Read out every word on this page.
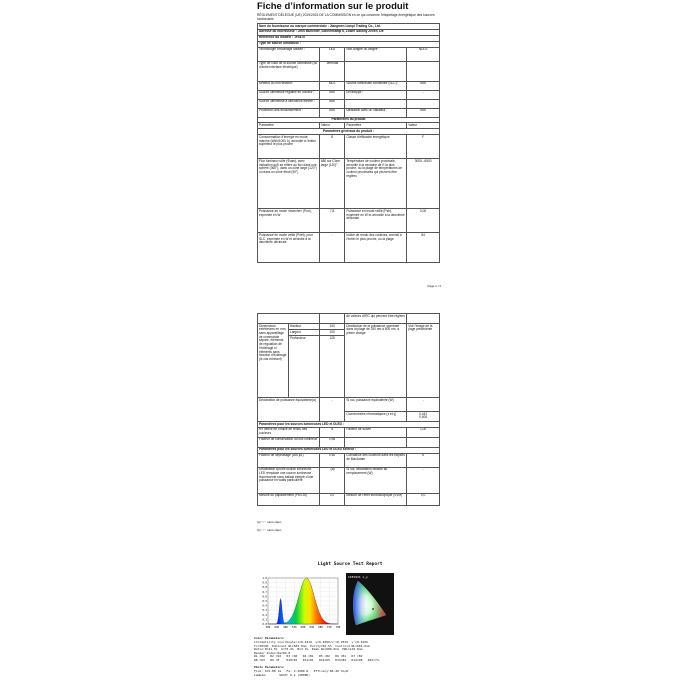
Fiche d’information sur le produit
RÈGLEMENT DÉLÉGUÉ (UE) 2019/2015 DE LA COMMISSION en ce qui concerne l'étiquetage énergétique des sources lumineuses
Nom du fournisseur ou marque commerciale : Jiangmen Lianpi Trading Co., Ltd.			
Adresse du fournisseur : Jens Muechler, Sonnenkamp 6, Lower Saxony Zeven, DE			
Référence du modèle : JF5470			
Type de source lumineuse :			
Technologie d'éclairage utilisée :	LED	Non-dirigée ou dirigée :	NDLS
Type de culot de la source lumineuse (ou d'autre interface électrique)	Terminal		
Secteur ou non secteur:	MLS	Source lumineuse connectée (SLC) :	Non
Source lumineuse réglable en couleur :	Non	Enveloppe :	-
Source lumineuse à luminance élevée :	Non		
Protection anti-éblouissement :	Non	Utilisation avec un variateur :	Non
Paramètres du produit			
Paramètre	Valeur	Paramètre	Valeur
Paramètres généraux du produit :			
Consommation d'énergie en mode marche (kWh/1000 h), arrondie à l'entier supérieur le plus proche	8	Classe d'efficacité énergétique	F
Flux lumineux utile (Φuse), avec indication qu'il se réfère au flux dans une sphère (360°), dans un cône large (120°) ou dans un cône étroit (90°)	680 sur Cône large (120)°	Température de couleur proximale, arrondie à la centaine de K la plus proche, ou la plage de températures de couleur proximales qui peuvent être réglées	3000...6500
Puissance en mode «marche» (Pon), exprimée en W	7,8	Puissance en mode veille (Psb), exprimée en W et arrondie à la deuxième décimale	0,00
Puissance en mode veille (Pnet), pour SLC, exprimée en W et arrondie à la deuxième décimale	-	Indice de rendu des couleurs, arrondi à l'entier le plus proche, ou la plage	84
Page 1 / 2
			de valeurs d'IRC qui peuvent être réglées	
Dimensions extérieures en mm, sans appareillage de commande séparé, éléments de régulation de l'éclairage ni éléments sans fonction d'éclairage (le cas échéant)	Hauteur	100	Distribution de la puissance spectrale dans la plage de 250 nm à 800 nm, à pleine charge	Voir l'image de la page précédente
	Largeur	100		
	Profondeur	125		
Déclaration de puissance équivalente(a)		-	Si oui, puissance équivalente (W)	-
			Coordonnées chromatiques (x et y)	0,442
0,406

Paramètres pour les sources lumineuses LED et OLED :				
R9 valeur de l'indice de rendu des couleurs		8	Facteur de survie	1,00
Facteur de conservation du flux lumineux		0,96		
Paramètres pour les sources lumineuses LED et OLED secteur :				
Facteur de déphasage (cos φ1)		0,60	Constance des couleurs dans les ellipses de MacAdam	6
Déclaration qu'une source lumineuse LED remplace une source lumineuse fluorescente sans ballast intégré d'une puissance en watts particulière		-(a)	Si oui, déclaration relative au remplacement (W)	-
Mesure du papillotement (Pst LM)		0,0	Mesure de l'effet stroboscopique (SVM)	0,0
(a) "-" : sans objet;
(b) "-" : sans objet;
Light Source Test Report
1.0
0.9
0.8
0.7
0.6
0.5
0.4
0.3
0.2
0.1
0.0
380 430 480 530 580 630 680 730 780
CIE1931 x,y
Color Parameters:
Chromaticity Coordinate:x=0.4419  y=0.4059/u'=0.2539  v'=0.5226
Tc=3033K  Dominant WL=583.0nm  Purity=56.5%  Centroid WL=601.0nm
Ratio:R=21.5%  G=75.4%  B=3.1%  Peak WL=600.0nm  HWL=116.0nm
Render Index:Ra=84.0
R1 =82   R2 =92   R3 =96   R4 =81   R5 =82   R6 =81   R7 =82
R8 =63   R9 =8    R10=81   R11=81   R12=65   R13=82   R14=98   R15=74
Photo Parameters:
Flux: 676.88 lm   Fe: 2.2980 W   Efficacy:86.40 lm/W
Lambda:       SDCM: 6.1 (4000K)
